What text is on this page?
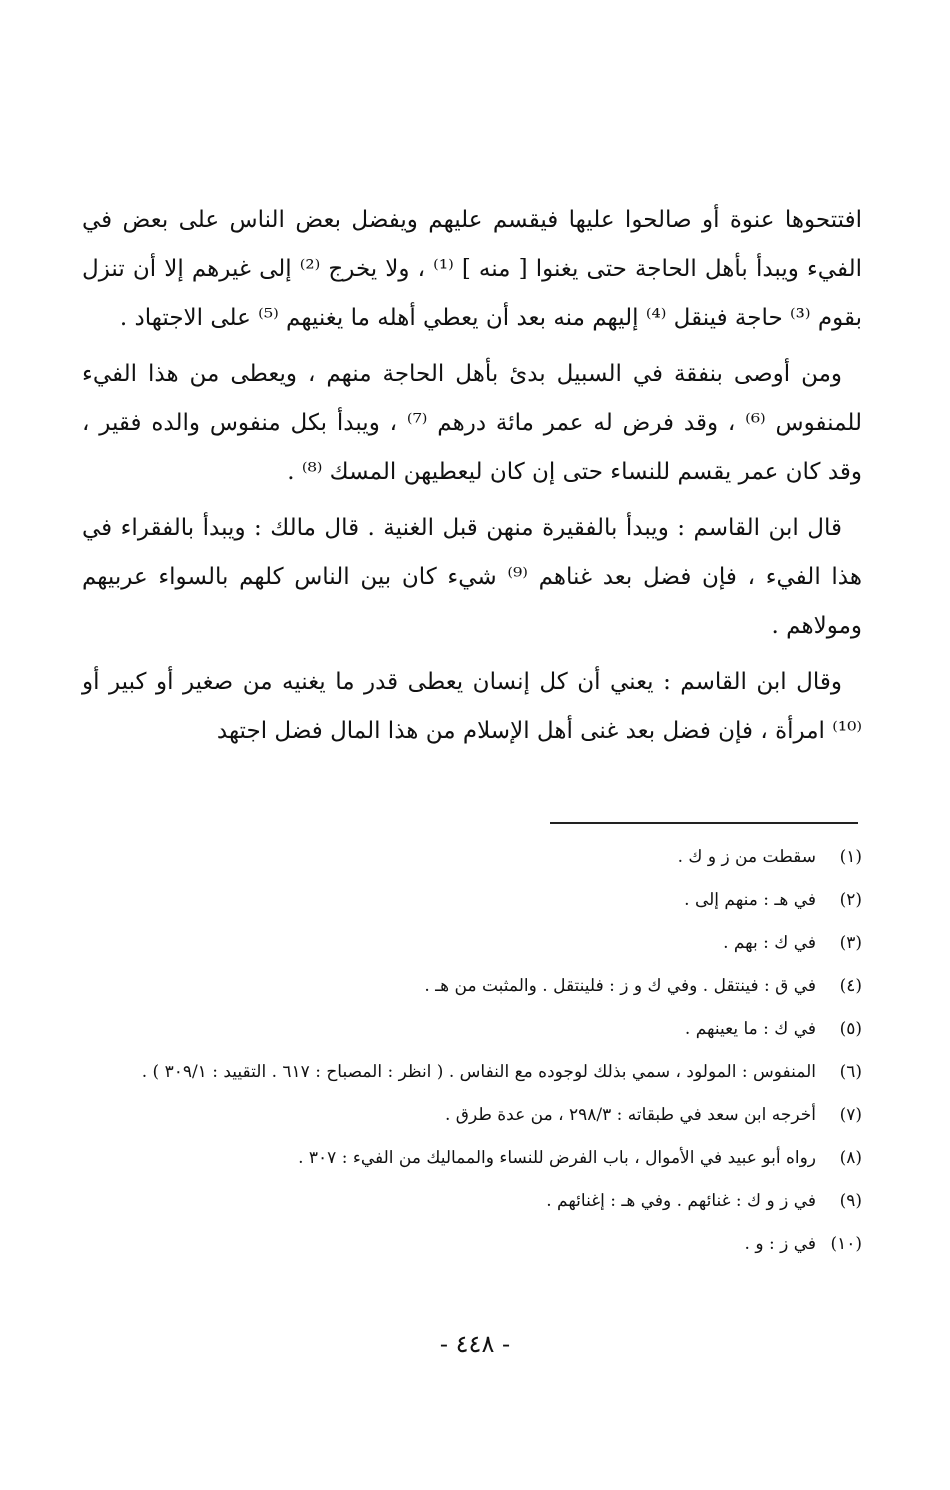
افتتحوها عنوة أو صالحوا عليها فيقسم عليهم ويفضل بعض الناس على بعض في الفيء ويبدأ بأهل الحاجة حتى يغنوا [ منه ] ⁽¹⁾ ، ولا يخرج ⁽²⁾ إلى غيرهم إلا أن تنزل بقوم ⁽³⁾ حاجة فينقل ⁽⁴⁾ إليهم منه بعد أن يعطي أهله ما يغنيهم ⁽⁵⁾ على الاجتهاد .

ومن أوصى بنفقة في السبيل بدئ بأهل الحاجة منهم ، ويعطى من هذا الفيء للمنفوس ⁽⁶⁾ ، وقد فرض له عمر مائة درهم ⁽⁷⁾ ، ويبدأ بكل منفوس والده فقير ، وقد كان عمر يقسم للنساء حتى إن كان ليعطيهن المسك ⁽⁸⁾ .

قال ابن القاسم : ويبدأ بالفقيرة منهن قبل الغنية . قال مالك : ويبدأ بالفقراء في هذا الفيء ، فإن فضل بعد غناهم ⁽⁹⁾ شيء كان بين الناس كلهم بالسواء عربيهم ومولاهم .

وقال ابن القاسم : يعني أن كل إنسان يعطى قدر ما يغنيه من صغير أو كبير أو ⁽¹⁰⁾ امرأة ، فإن فضل بعد غنى أهل الإسلام من هذا المال فضل اجتهد

(١)
سقطت من ز و ك .
(٢)
في هـ : منهم إلى .
(٣)
في ك : بهم .
(٤)
في ق : فينتقل . وفي ك و ز : فلينتقل . والمثبت من هـ .
(٥)
في ك : ما يعينهم .
(٦)
المنفوس : المولود ، سمي بذلك لوجوده مع النفاس . ( انظر : المصباح : ٦١٧ . التقييد : ٣٠٩/١ ) .
(٧)
أخرجه ابن سعد في طبقاته : ٢٩٨/٣ ، من عدة طرق .
(٨)
رواه أبو عبيد في الأموال ، باب الفرض للنساء والمماليك من الفيء : ٣٠٧ .
(٩)
في ز و ك : غنائهم . وفي هـ : إغنائهم .
(١٠)
في ز : و .
- ٤٤٨ -
